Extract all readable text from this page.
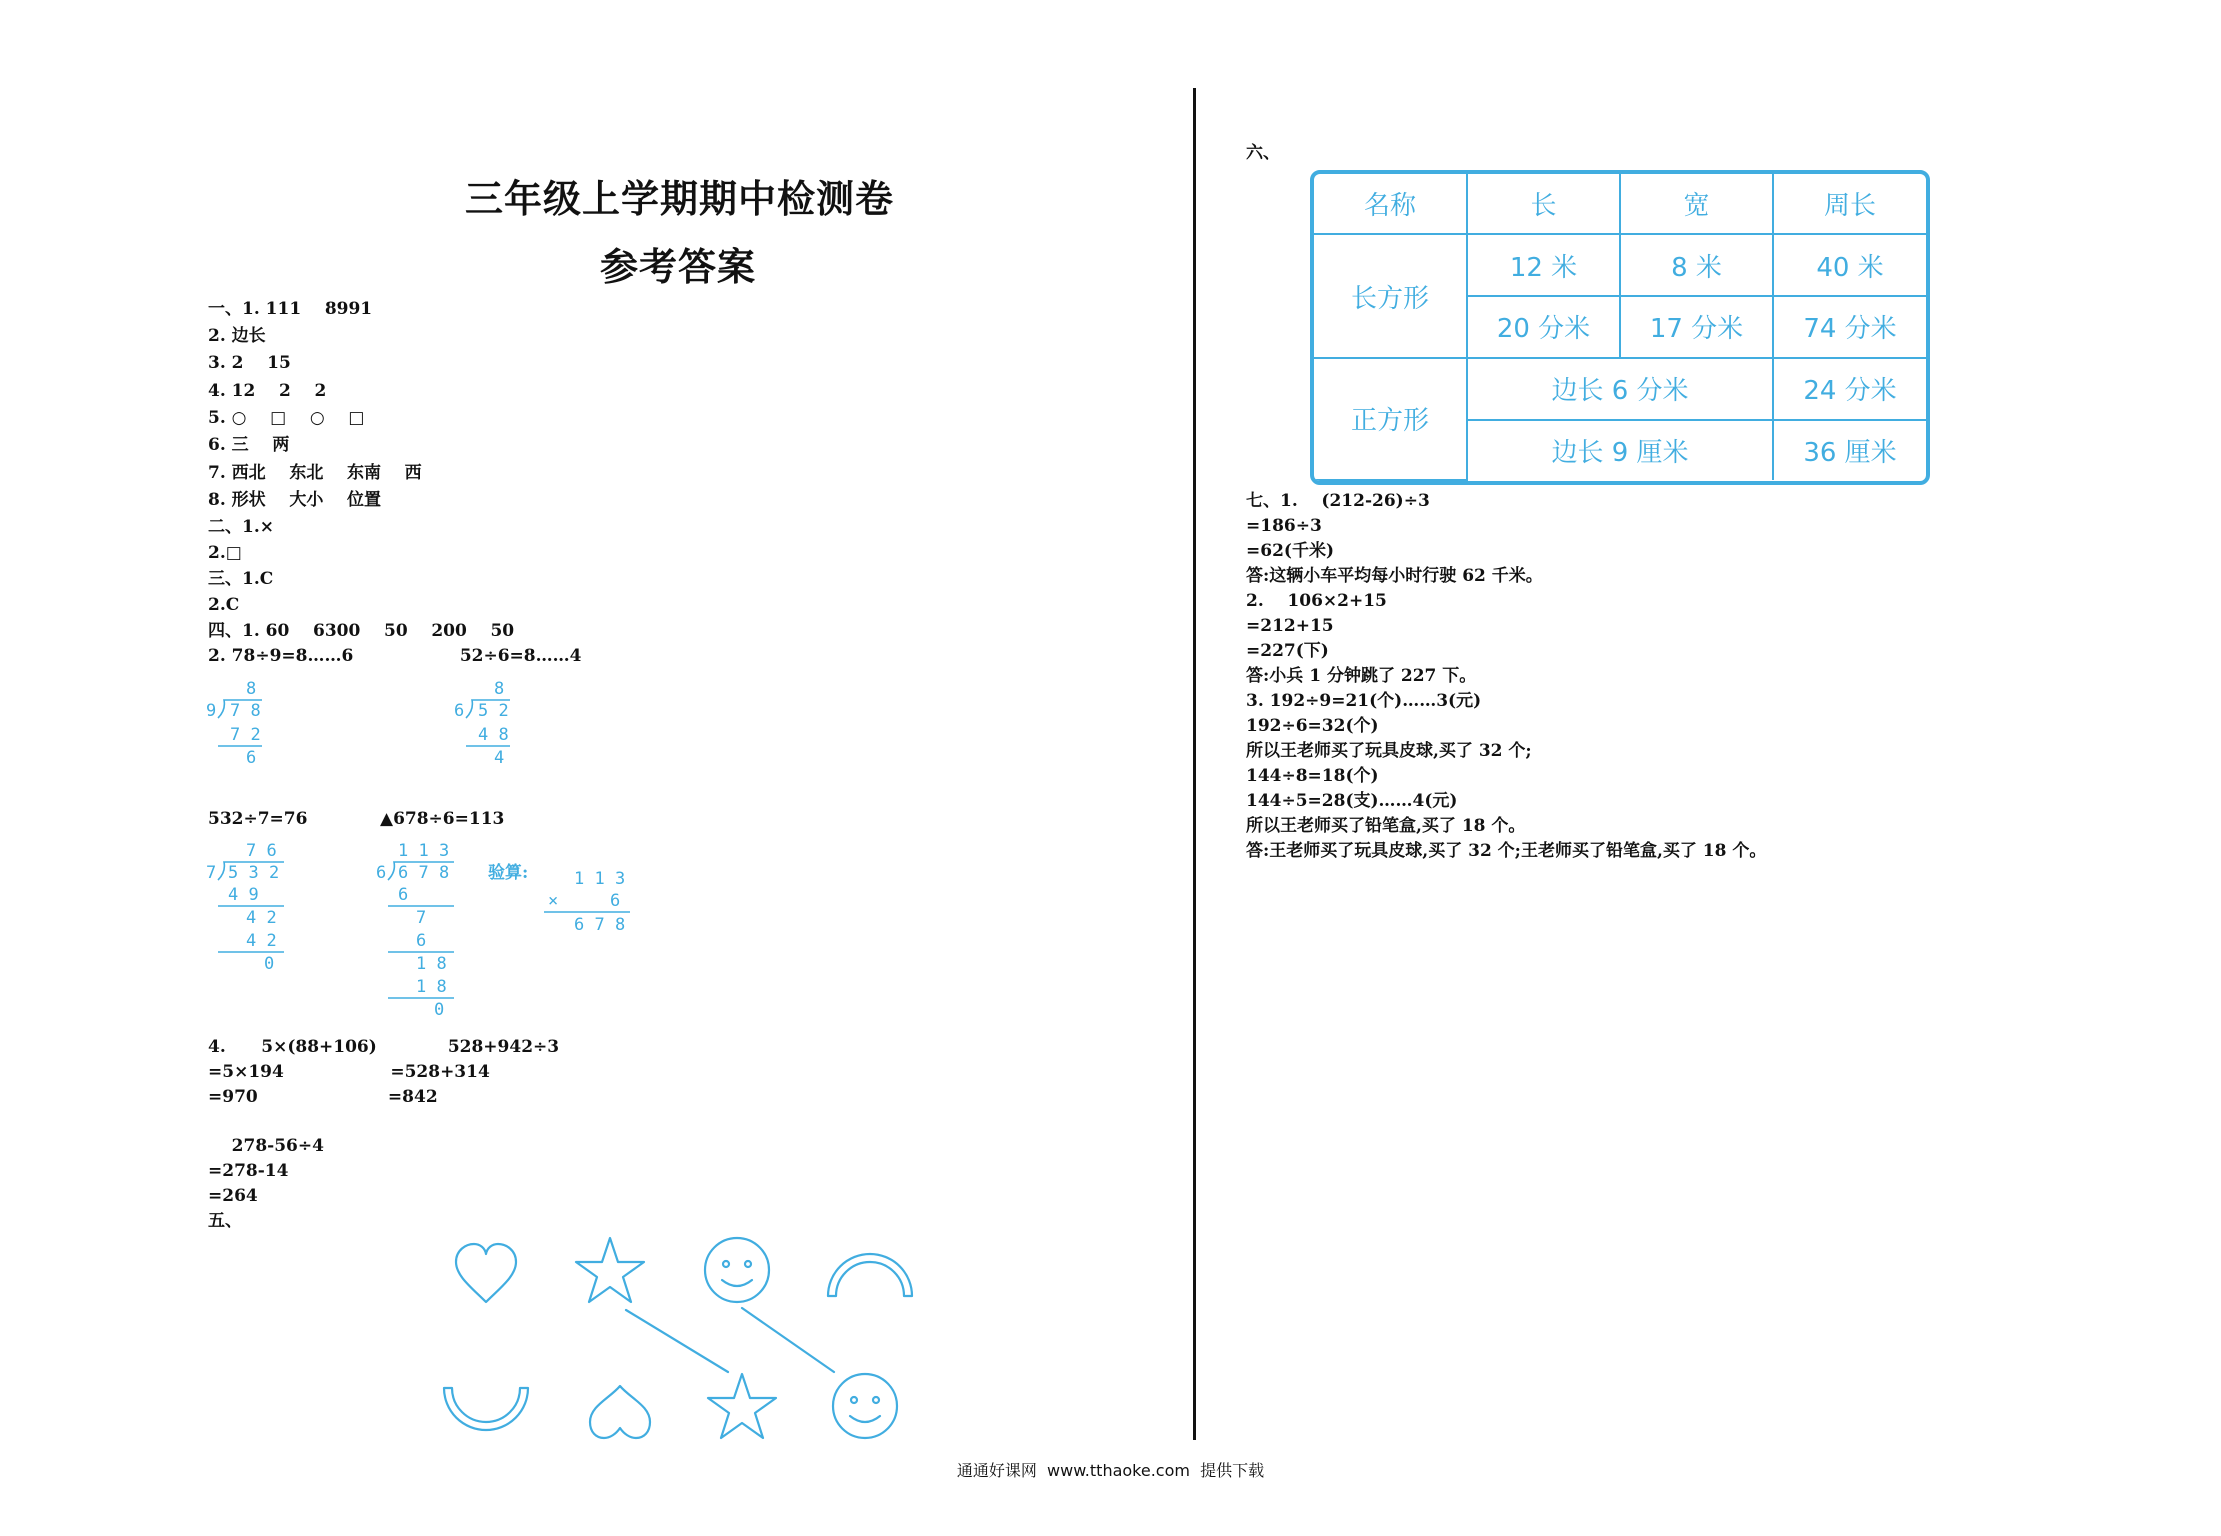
三年级上学期期中检测卷
参考答案
一、1. 111    8991
2. 边长
3. 2    15
4. 12    2    2
5. ○    □    ○    □
6. 三    两
7. 西北    东北    东南    西
8. 形状    大小    位置
二、1.×
2.□
三、1.C
2.C
四、1. 60    6300    50    200    50
2. 78÷9=8……6                  52÷6=8……4
8
9 7 8
7 2
6
8
6 5 2
4 8
4
532÷7=76	▲678÷6=113
7 6
7 5 3 2
4 9
4 2
4 2
0
1 1 3
6 6 7 8
6
7
6
1 8
1 8
0
验算:	1 1 3
×	6
6 7 8
4.      5×(88+106)            528+942÷3
=5×194                  =528+314
=970                      =842
278-56÷4
=278-14
=264
五、
六、
名称	长	宽	周长
长方形	12 米	8 米	40 米
	20 分米	17 分米	74 分米
正方形	边长 6 分米		24 分米
	边长 9 厘米		36 厘米
七、1.    (212-26)÷3
=186÷3
=62(千米)
答:这辆小车平均每小时行驶 62 千米。
2.    106×2+15
=212+15
=227(下)
答:小兵 1 分钟跳了 227 下。
3. 192÷9=21(个)……3(元)
192÷6=32(个)
所以王老师买了玩具皮球,买了 32 个;
144÷8=18(个)
144÷5=28(支)……4(元)
所以王老师买了铅笔盒,买了 18 个。
答:王老师买了玩具皮球,买了 32 个;王老师买了铅笔盒,买了 18 个。
通通好课网  www.tthaoke.com  提供下载
